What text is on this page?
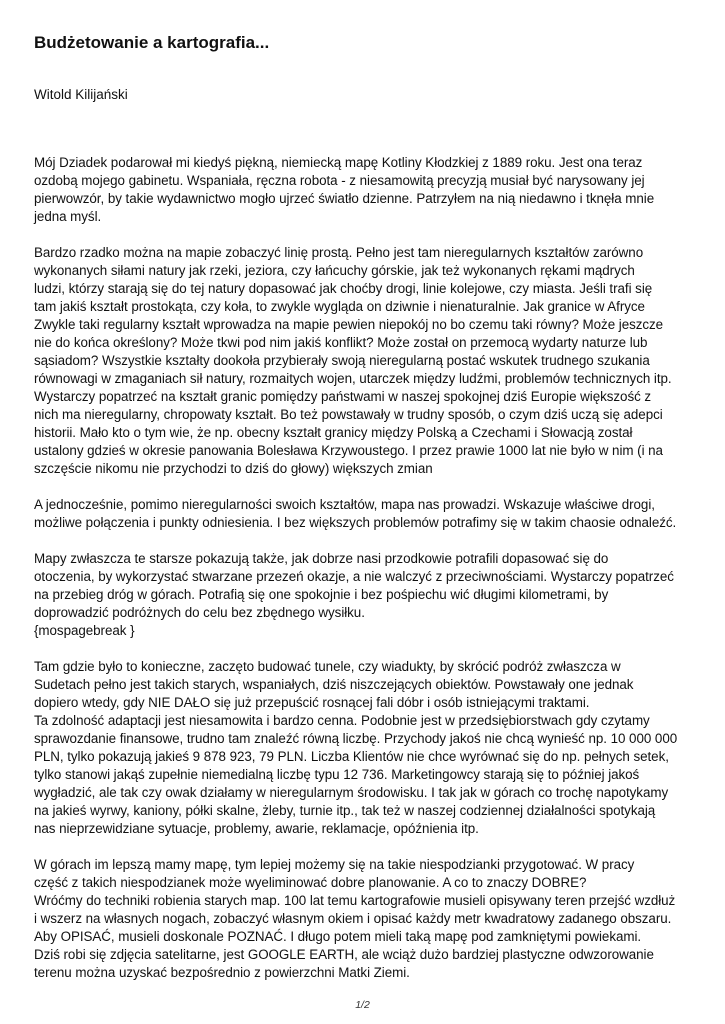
Budżetowanie a kartografia...

Witold Kilijański

Mój Dziadek podarował mi kiedyś piękną, niemiecką mapę Kotliny Kłodzkiej z 1889 roku. Jest ona teraz
ozdobą mojego gabinetu. Wspaniała, ręczna robota - z niesamowitą precyzją musiał być narysowany jej
pierwowzór, by takie wydawnictwo mogło ujrzeć światło dzienne. Patrzyłem na nią niedawno i tknęła mnie
jedna myśl.
Bardzo rzadko można na mapie zobaczyć linię prostą. Pełno jest tam nieregularnych kształtów zarówno
wykonanych siłami natury jak rzeki, jeziora, czy łańcuchy górskie, jak też wykonanych rękami mądrych
ludzi, którzy starają się do tej natury dopasować jak choćby drogi, linie kolejowe, czy miasta. Jeśli trafi się
tam jakiś kształt prostokąta, czy koła, to zwykle wygląda on dziwnie i nienaturalnie. Jak granice w Afryce
Zwykle taki regularny kształt wprowadza na mapie pewien niepokój no bo czemu taki równy? Może jeszcze
nie do końca określony? Może tkwi pod nim jakiś konflikt? Może został on przemocą wydarty naturze lub
sąsiadom? Wszystkie kształty dookoła przybierały swoją nieregularną postać wskutek trudnego szukania
równowagi w zmaganiach sił natury, rozmaitych wojen, utarczek między ludźmi, problemów technicznych itp.
Wystarczy popatrzeć na kształt granic pomiędzy państwami w naszej spokojnej dziś Europie większość z
nich ma nieregularny, chropowaty kształt. Bo też powstawały w trudny sposób, o czym dziś uczą się adepci
historii. Mało kto o tym wie, że np. obecny kształt granicy między Polską a Czechami i Słowacją został
ustalony gdzieś w okresie panowania Bolesława Krzywoustego. I przez prawie 1000 lat nie było w nim (i na
szczęście nikomu nie przychodzi to dziś do głowy) większych zmian
A jednocześnie, pomimo nieregularności swoich kształtów, mapa nas prowadzi. Wskazuje właściwe drogi,
możliwe połączenia i punkty odniesienia. I bez większych problemów potrafimy się w takim chaosie odnaleźć.
Mapy zwłaszcza te starsze pokazują także, jak dobrze nasi przodkowie potrafili dopasować się do
otoczenia, by wykorzystać stwarzane przezeń okazje, a nie walczyć z przeciwnościami. Wystarczy popatrzeć
na przebieg dróg w górach. Potrafią się one spokojnie i bez pośpiechu wić długimi kilometrami, by
doprowadzić podróżnych do celu bez zbędnego wysiłku.
{mospagebreak }
Tam gdzie było to konieczne, zaczęto budować tunele, czy wiadukty, by skrócić podróż zwłaszcza w
Sudetach pełno jest takich starych, wspaniałych, dziś niszczejących obiektów. Powstawały one jednak
dopiero wtedy, gdy NIE DAŁO się już przepuścić rosnącej fali dóbr i osób istniejącymi traktami.
Ta zdolność adaptacji jest niesamowita i bardzo cenna. Podobnie jest w przedsiębiorstwach gdy czytamy
sprawozdanie finansowe, trudno tam znaleźć równą liczbę. Przychody jakoś nie chcą wynieść np. 10 000 000
PLN, tylko pokazują jakieś 9 878 923, 79 PLN. Liczba Klientów nie chce wyrównać się do np. pełnych setek,
tylko stanowi jakąś zupełnie niemedialną liczbę typu 12 736. Marketingowcy starają się to później jakoś
wygładzić, ale tak czy owak działamy w nieregularnym środowisku. I tak jak w górach co trochę napotykamy
na jakieś wyrwy, kaniony, półki skalne, żleby, turnie itp., tak też w naszej codziennej działalności spotykają
nas nieprzewidziane sytuacje, problemy, awarie, reklamacje, opóźnienia itp.
W górach im lepszą mamy mapę, tym lepiej możemy się na takie niespodzianki przygotować. W pracy
część z takich niespodzianek może wyeliminować dobre planowanie. A co to znaczy DOBRE?
Wróćmy do techniki robienia starych map. 100 lat temu kartografowie musieli opisywany teren przejść wzdłuż
i wszerz na własnych nogach, zobaczyć własnym okiem i opisać każdy metr kwadratowy zadanego obszaru.
Aby OPISAĆ, musieli doskonale POZNAĆ. I długo potem mieli taką mapę pod zamkniętymi powiekami.
Dziś robi się zdjęcia satelitarne, jest GOOGLE EARTH, ale wciąż dużo bardziej plastyczne odwzorowanie
terenu można uzyskać bezpośrednio z powierzchni Matki Ziemi.
1/2
